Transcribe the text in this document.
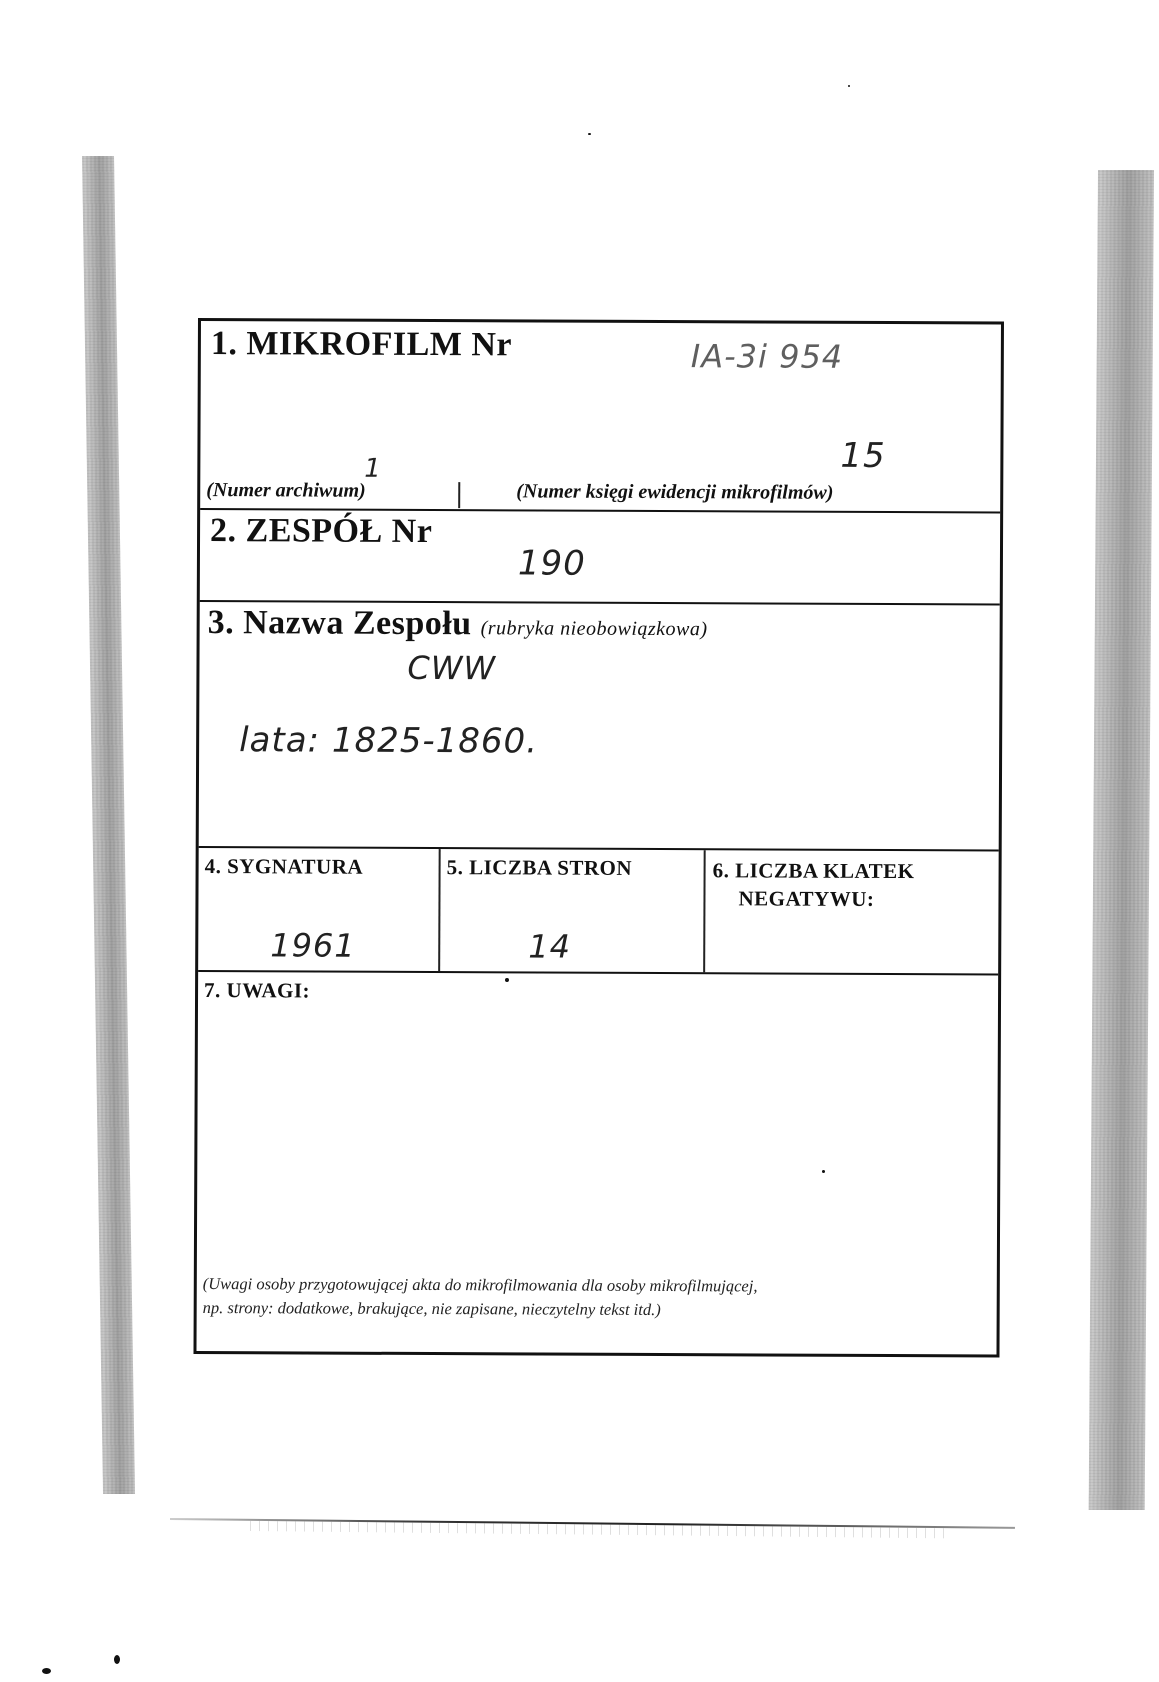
1. MIKROFILM Nr	IA-3i 954
15
1
(Numer archiwum)	(Numer księgi ewidencji mikrofilmów)
2. ZESPÓŁ Nr
190
3. Nazwa Zespołu (rubryka nieobowiązkowa)
CWW
lata: 1825-1860.
4. SYGNATURA
1961
5. LICZBA STRON
14
6. LICZBA KLATEK
NEGATYWU:
7. UWAGI:
(Uwagi osoby przygotowującej akta do mikrofilmowania dla osoby mikrofilmującej,
np. strony: dodatkowe, brakujące, nie zapisane, nieczytelny tekst itd.)
